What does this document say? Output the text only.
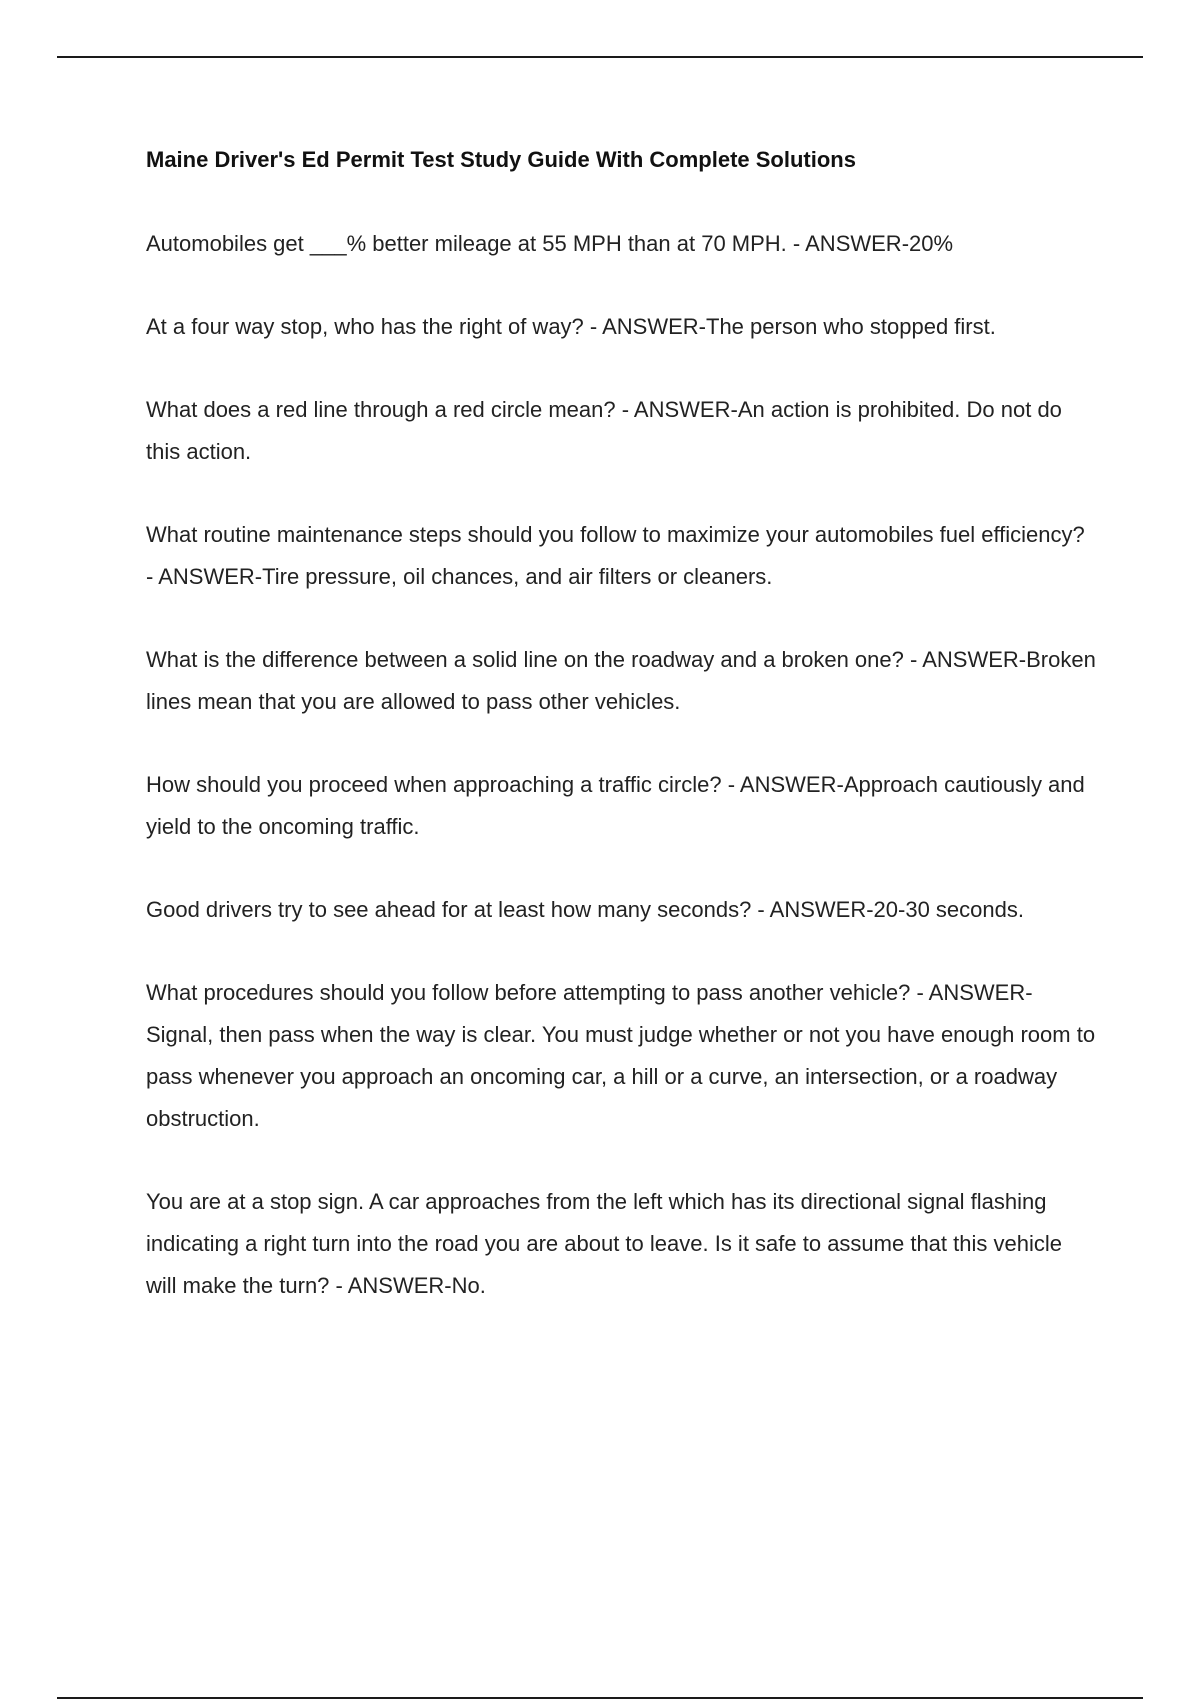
Maine Driver's Ed Permit Test Study Guide With Complete Solutions

Automobiles get ___% better mileage at 55 MPH than at 70 MPH. - ANSWER-20%

At a four way stop, who has the right of way? - ANSWER-The person who stopped first.

What does a red line through a red circle mean? - ANSWER-An action is prohibited. Do not do this action.

What routine maintenance steps should you follow to maximize your automobiles fuel efficiency? - ANSWER-Tire pressure, oil chances, and air filters or cleaners.

What is the difference between a solid line on the roadway and a broken one? - ANSWER-Broken lines mean that you are allowed to pass other vehicles.

How should you proceed when approaching a traffic circle? - ANSWER-Approach cautiously and yield to the oncoming traffic.

Good drivers try to see ahead for at least how many seconds? - ANSWER-20-30 seconds.

What procedures should you follow before attempting to pass another vehicle? - ANSWER-Signal, then pass when the way is clear. You must judge whether or not you have enough room to pass whenever you approach an oncoming car, a hill or a curve, an intersection, or a roadway obstruction.

You are at a stop sign. A car approaches from the left which has its directional signal flashing indicating a right turn into the road you are about to leave. Is it safe to assume that this vehicle will make the turn? - ANSWER-No.
